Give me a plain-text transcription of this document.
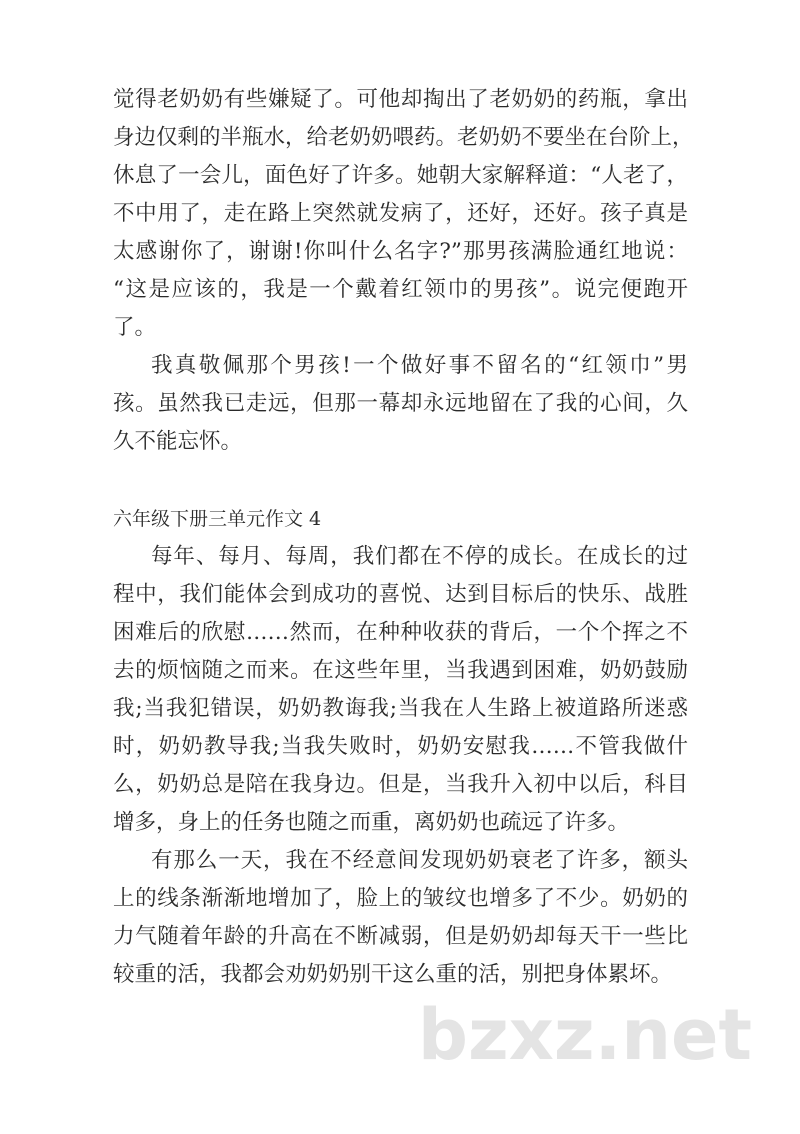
觉得老奶奶有些嫌疑了。可他却掏出了老奶奶的药瓶，拿出
身边仅剩的半瓶水，给老奶奶喂药。老奶奶不要坐在台阶上，
休息了一会儿，面色好了许多。她朝大家解释道：“人老了，
不中用了，走在路上突然就发病了，还好，还好。孩子真是
太感谢你了，谢谢!你叫什么名字?”那男孩满脸通红地说：
“这是应该的，我是一个戴着红领巾的男孩”。说完便跑开
了。
我真敬佩那个男孩!一个做好事不留名的“红领巾”男
孩。虽然我已走远，但那一幕却永远地留在了我的心间，久
久不能忘怀。
每年、每月、每周，我们都在不停的成长。在成长的过
程中，我们能体会到成功的喜悦、达到目标后的快乐、战胜
困难后的欣慰……然而，在种种收获的背后，一个个挥之不
去的烦恼随之而来。在这些年里，当我遇到困难，奶奶鼓励
我;当我犯错误，奶奶教诲我;当我在人生路上被道路所迷惑
时，奶奶教导我;当我失败时，奶奶安慰我……不管我做什
么，奶奶总是陪在我身边。但是，当我升入初中以后，科目
增多，身上的任务也随之而重，离奶奶也疏远了许多。
有那么一天，我在不经意间发现奶奶衰老了许多，额头
上的线条渐渐地增加了，脸上的皱纹也增多了不少。奶奶的
力气随着年龄的升高在不断减弱，但是奶奶却每天干一些比
较重的活，我都会劝奶奶别干这么重的活，别把身体累坏。
六年级下册三单元作文 4
bzxz.net
